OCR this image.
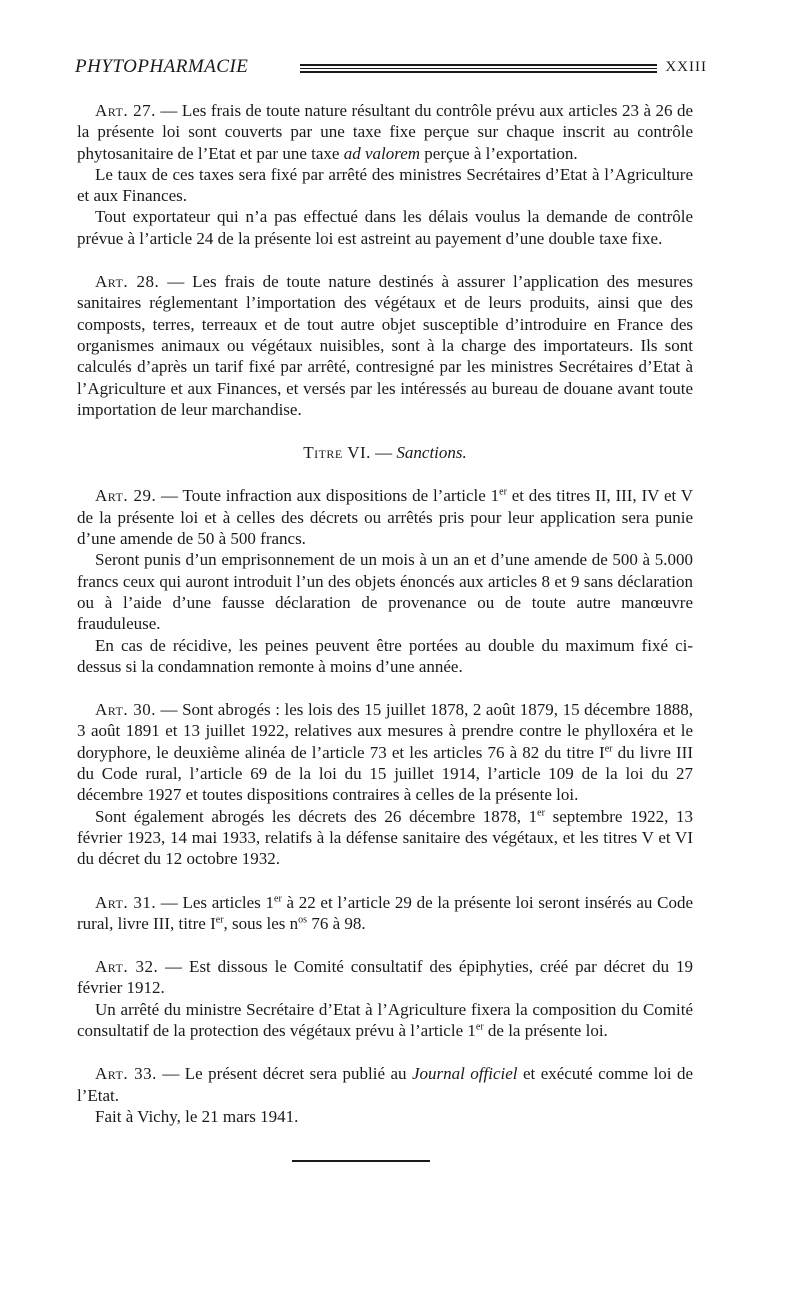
PHYTOPHARMACIE	XXIII

Art. 27. — Les frais de toute nature résultant du contrôle prévu aux articles 23 à 26 de la présente loi sont couverts par une taxe fixe perçue sur chaque inscrit au contrôle phytosanitaire de l’Etat et par une taxe ad valorem perçue à l’exportation.

Le taux de ces taxes sera fixé par arrêté des ministres Secrétaires d’Etat à l’Agriculture et aux Finances.

Tout exportateur qui n’a pas effectué dans les délais voulus la demande de contrôle prévue à l’article 24 de la présente loi est astreint au payement d’une double taxe fixe.

Art. 28. — Les frais de toute nature destinés à assurer l’application des mesures sanitaires réglementant l’importation des végétaux et de leurs produits, ainsi que des composts, terres, terreaux et de tout autre objet susceptible d’introduire en France des organismes animaux ou végétaux nuisibles, sont à la charge des importateurs. Ils sont calculés d’après un tarif fixé par arrêté, contresigné par les ministres Secrétaires d’Etat à l’Agriculture et aux Finances, et versés par les intéressés au bureau de douane avant toute importation de leur marchandise.

Titre VI. — Sanctions.

Art. 29. — Toute infraction aux dispositions de l’article 1er et des titres II, III, IV et V de la présente loi et à celles des décrets ou arrêtés pris pour leur application sera punie d’une amende de 50 à 500 francs.

Seront punis d’un emprisonnement de un mois à un an et d’une amende de 500 à 5.000 francs ceux qui auront introduit l’un des objets énoncés aux articles 8 et 9 sans déclaration ou à l’aide d’une fausse déclaration de provenance ou de toute autre manœuvre frauduleuse.

En cas de récidive, les peines peuvent être portées au double du maximum fixé ci-dessus si la condamnation remonte à moins d’une année.

Art. 30. — Sont abrogés : les lois des 15 juillet 1878, 2 août 1879, 15 décembre 1888, 3 août 1891 et 13 juillet 1922, relatives aux mesures à prendre contre le phylloxéra et le doryphore, le deuxième alinéa de l’article 73 et les articles 76 à 82 du titre Ier du livre III du Code rural, l’article 69 de la loi du 15 juillet 1914, l’article 109 de la loi du 27 décembre 1927 et toutes dispositions contraires à celles de la présente loi.

Sont également abrogés les décrets des 26 décembre 1878, 1er septembre 1922, 13 février 1923, 14 mai 1933, relatifs à la défense sanitaire des végétaux, et les titres V et VI du décret du 12 octobre 1932.

Art. 31. — Les articles 1er à 22 et l’article 29 de la présente loi seront insérés au Code rural, livre III, titre Ier, sous les $n^{os}$ 76 à 98.

Art. 32. — Est dissous le Comité consultatif des épiphyties, créé par décret du 19 février 1912.

Un arrêté du ministre Secrétaire d’Etat à l’Agriculture fixera la composition du Comité consultatif de la protection des végétaux prévu à l’article 1er de la présente loi.

Art. 33. — Le présent décret sera publié au Journal officiel et exécuté comme loi de l’Etat.

Fait à Vichy, le 21 mars 1941.
